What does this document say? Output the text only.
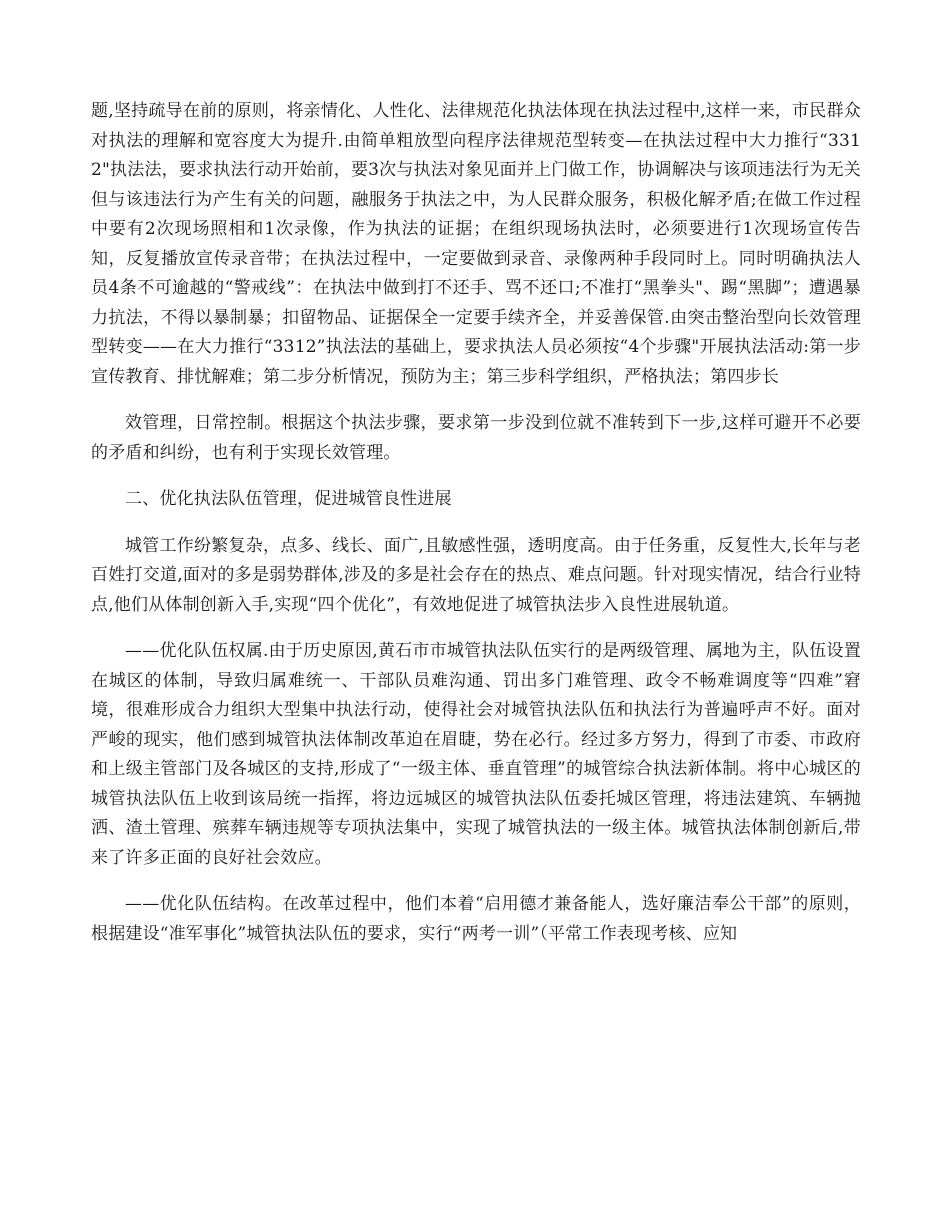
题,坚持疏导在前的原则，将亲情化、人性化、法律规范化执法体现在执法过程中,这样一来，市民群众对执法的理解和宽容度大为提升.由简单粗放型向程序法律规范型转变—在执法过程中大力推行“3312"执法法，要求执法行动开始前，要3次与执法对象见面并上门做工作，协调解决与该项违法行为无关但与该违法行为产生有关的问题，融服务于执法之中，为人民群众服务，积极化解矛盾;在做工作过程中要有2次现场照相和1次录像，作为执法的证据；在组织现场执法时，必须要进行1次现场宣传告知，反复播放宣传录音带；在执法过程中，一定要做到录音、录像两种手段同时上。同时明确执法人员4条不可逾越的“警戒线”：在执法中做到打不还手、骂不还口;不准打“黑拳头"、踢“黑脚”；遭遇暴力抗法，不得以暴制暴；扣留物品、证据保全一定要手续齐全，并妥善保管.由突击整治型向长效管理型转变——在大力推行“3312”执法法的基础上，要求执法人员必须按“4个步骤"开展执法活动:第一步宣传教育、排忧解难；第二步分析情况，预防为主；第三步科学组织，严格执法；第四步长

效管理，日常控制。根据这个执法步骤，要求第一步没到位就不准转到下一步,这样可避开不必要的矛盾和纠纷，也有利于实现长效管理。

二、优化执法队伍管理，促进城管良性进展

城管工作纷繁复杂，点多、线长、面广,且敏感性强，透明度高。由于任务重，反复性大,长年与老百姓打交道,面对的多是弱势群体,涉及的多是社会存在的热点、难点问题。针对现实情况，结合行业特点,他们从体制创新入手,实现“四个优化”，有效地促进了城管执法步入良性进展轨道。

——优化队伍权属.由于历史原因,黄石市市城管执法队伍实行的是两级管理、属地为主，队伍设置在城区的体制，导致归属难统一、干部队员难沟通、罚出多门难管理、政令不畅难调度等“四难”窘境，很难形成合力组织大型集中执法行动，使得社会对城管执法队伍和执法行为普遍呼声不好。面对严峻的现实，他们感到城管执法体制改革迫在眉睫，势在必行。经过多方努力，得到了市委、市政府和上级主管部门及各城区的支持,形成了“一级主体、垂直管理”的城管综合执法新体制。将中心城区的城管执法队伍上收到该局统一指挥，将边远城区的城管执法队伍委托城区管理，将违法建筑、车辆抛洒、渣土管理、殡葬车辆违规等专项执法集中，实现了城管执法的一级主体。城管执法体制创新后,带来了许多正面的良好社会效应。

——优化队伍结构。在改革过程中，他们本着“启用德才兼备能人，选好廉洁奉公干部”的原则，根据建设“准军事化”城管执法队伍的要求，实行“两考一训”（平常工作表现考核、应知
